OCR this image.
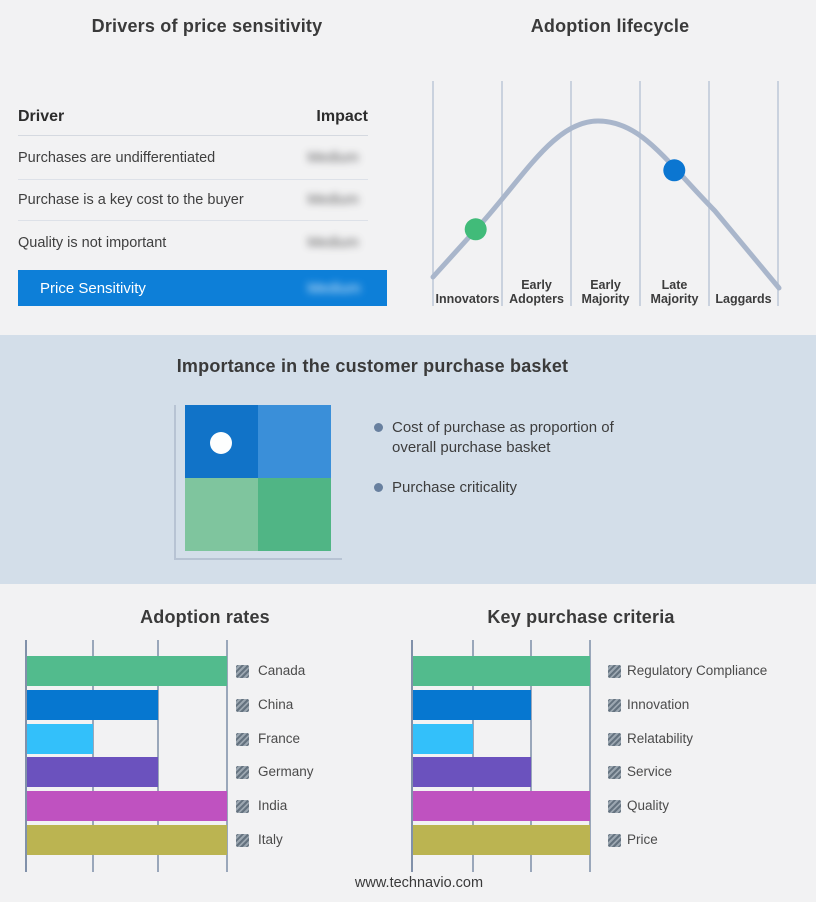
Drivers of price sensitivity
Driver	Impact
Purchases are undifferentiated	Medium
Purchase is a key cost to the buyer	Medium
Quality is not important	Medium
Price Sensitivity	Medium
Adoption lifecycle
Innovators
Early Adopters
Early Majority
Late Majority	Laggards
Importance in the customer purchase basket
Cost of purchase as proportion of overall purchase basket
Purchase criticality
Adoption rates
Canada
China
France
Germany
India
Italy
Key purchase criteria
Regulatory Compliance
Innovation
Relatability
Service
Quality
Price
www.technavio.com
